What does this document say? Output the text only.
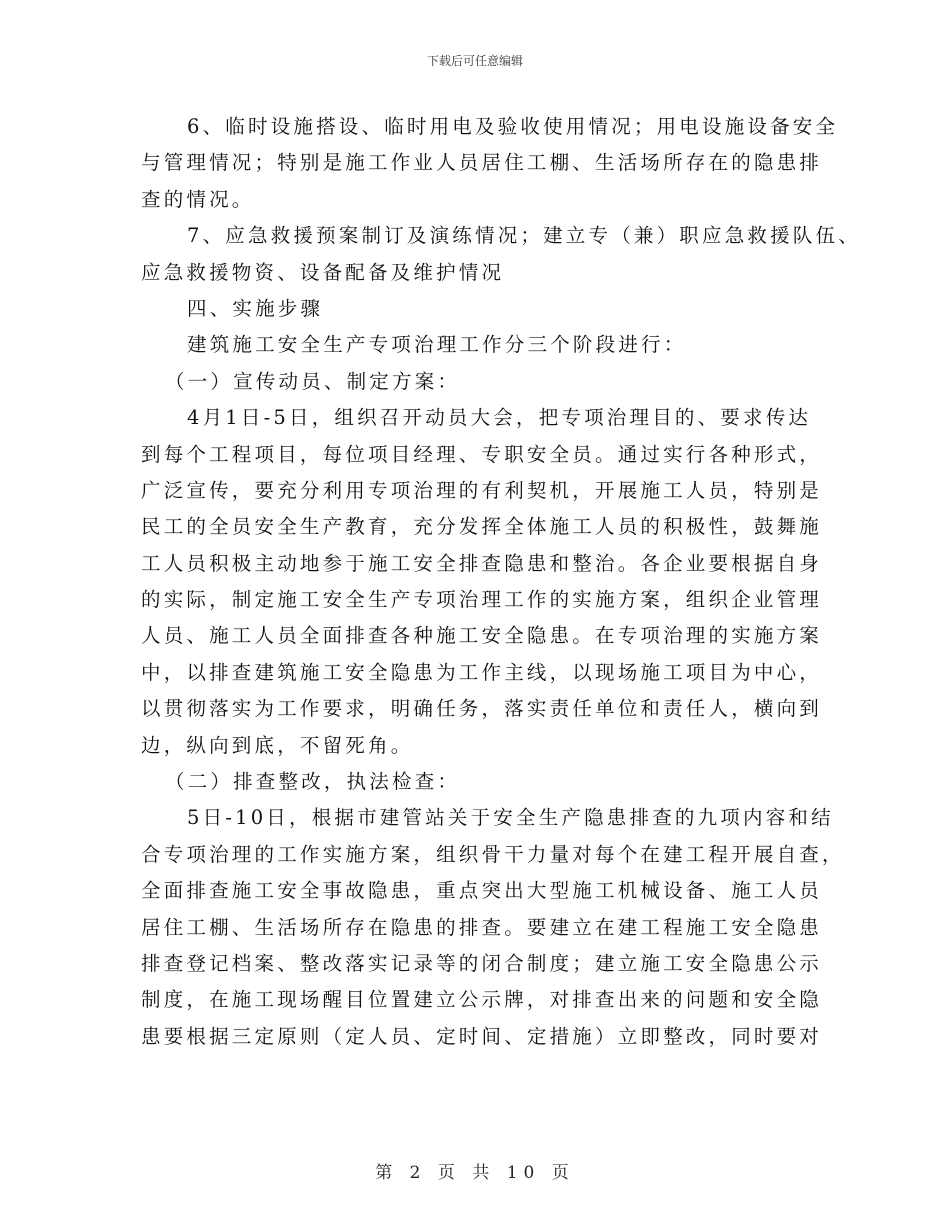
下载后可任意编辑

6、临时设施搭设、临时用电及验收使用情况；用电设施设备安全
与管理情况；特别是施工作业人员居住工棚、生活场所存在的隐患排
查的情况。

7、应急救援预案制订及演练情况；建立专（兼）职应急救援队伍、
应急救援物资、设备配备及维护情况

四、实施步骤

建筑施工安全生产专项治理工作分三个阶段进行：

（一）宣传动员、制定方案：

4月1日-5日，组织召开动员大会，把专项治理目的、要求传达
到每个工程项目，每位项目经理、专职安全员。通过实行各种形式，
广泛宣传，要充分利用专项治理的有利契机，开展施工人员，特别是
民工的全员安全生产教育，充分发挥全体施工人员的积极性，鼓舞施
工人员积极主动地参于施工安全排查隐患和整治。各企业要根据自身
的实际，制定施工安全生产专项治理工作的实施方案，组织企业管理
人员、施工人员全面排查各种施工安全隐患。在专项治理的实施方案
中，以排查建筑施工安全隐患为工作主线，以现场施工项目为中心，
以贯彻落实为工作要求，明确任务，落实责任单位和责任人，横向到
边，纵向到底，不留死角。

（二）排查整改，执法检查：

5日-10日，根据市建管站关于安全生产隐患排查的九项内容和结
合专项治理的工作实施方案，组织骨干力量对每个在建工程开展自查，
全面排查施工安全事故隐患，重点突出大型施工机械设备、施工人员
居住工棚、生活场所存在隐患的排查。要建立在建工程施工安全隐患
排查登记档案、整改落实记录等的闭合制度；建立施工安全隐患公示
制度，在施工现场醒目位置建立公示牌，对排查出来的问题和安全隐
患要根据三定原则（定人员、定时间、定措施）立即整改，同时要对

第 2 页 共 10 页
